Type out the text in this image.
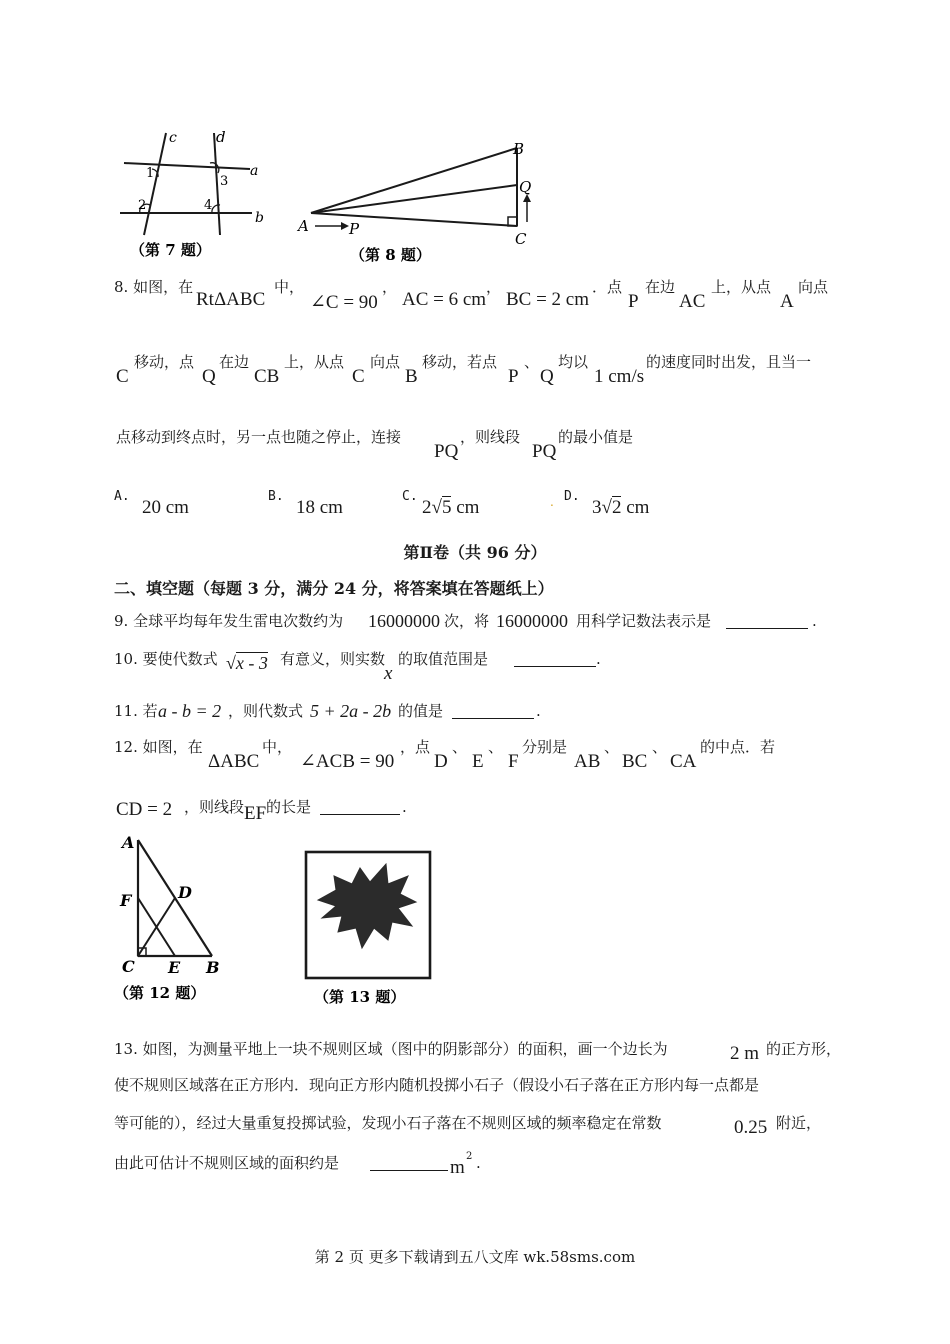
c	d
a
b
1
2
3
4
（第 7 题）
A	P
B
Q
C
（第 8 题）
8. 如图，在
RtΔABC
中，
∠C = 90
，
AC = 6 cm
，
BC = 2 cm
．点
P
在边
AC
上，从点
A
向点
C
移动，点
Q
在边
CB
上，从点
C
向点
B
移动，若点
P
、
Q
均以
1 cm/s
的速度同时出发，且当一
点移动到终点时，另一点也随之停止，连接
PQ
，则线段
PQ
的最小值是
A.
20 cm
B.
18 cm
C.
2√5 cm	. D.
3√2 cm
第Ⅱ卷（共 96 分）
二、填空题（每题 3 分，满分 24 分，将答案填在答题纸上）
9. 全球平均每年发生雷电次数约为 16000000 次，将 16000000 用科学记数法表示是	.
10. 要使代数式 √x - 3 有意义，则实数
x
的取值范围是	.
11. 若 a - b = 2 ，则代数式 5 + 2a - 2b 的值是	.
12. 如图，在
ΔABC
中，
∠ACB = 90
，点
D
、
E
、
F
分别是
AB
、
BC
、
CA
的中点．若
CD = 2 ，则线段 EF 的长是	.
A
F	D
C E B
（第 12 题）	（第 13 题）
13. 如图，为测量平地上一块不规则区域（图中的阴影部分）的面积，画一个边长为	2 m 的正方形，
使不规则区域落在正方形内．现向正方形内随机投掷小石子（假设小石子落在正方形内每一点都是
等可能的），经过大量重复投掷试验，发现小石子落在不规则区域的频率稳定在常数	0.25 附近，
由此可估计不规则区域的面积约是	m
2 .
第 2 页 更多下载请到五八文库 wk.58sms.com
